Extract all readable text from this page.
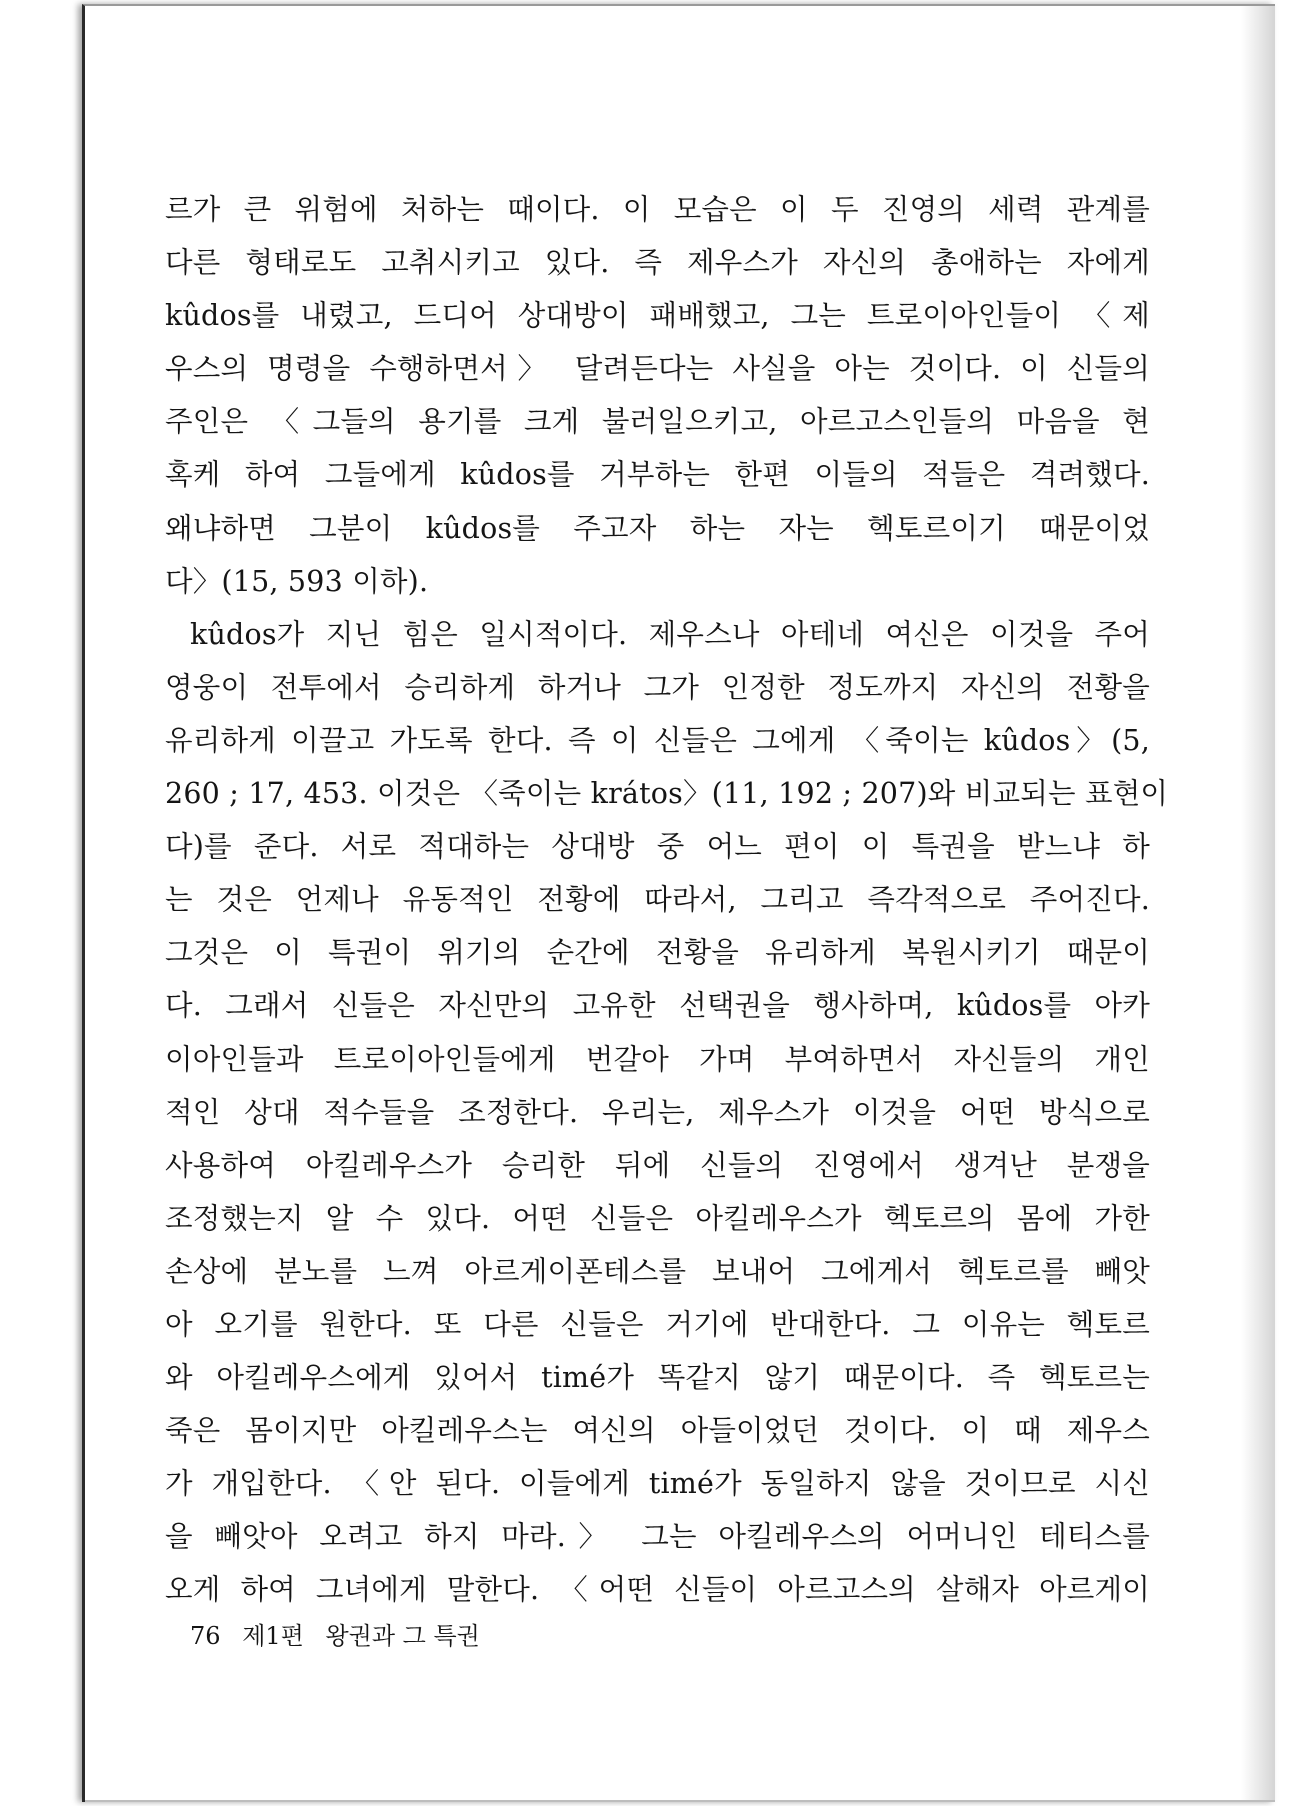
르가 큰 위험에 처하는 때이다. 이 모습은 이 두 진영의 세력 관계를
다른 형태로도 고취시키고 있다. 즉 제우스가 자신의 총애하는 자에게
kûdos를 내렸고, 드디어 상대방이 패배했고, 그는 트로이아인들이 〈제
우스의 명령을 수행하면서〉 달려든다는 사실을 아는 것이다. 이 신들의
주인은 〈그들의 용기를 크게 불러일으키고, 아르고스인들의 마음을 현
혹케 하여 그들에게 kûdos를 거부하는 한편 이들의 적들은 격려했다.
왜냐하면 그분이 kûdos를 주고자 하는 자는 헥토르이기 때문이었
다〉(15, 593 이하).
kûdos가 지닌 힘은 일시적이다. 제우스나 아테네 여신은 이것을 주어
영웅이 전투에서 승리하게 하거나 그가 인정한 정도까지 자신의 전황을
유리하게 이끌고 가도록 한다. 즉 이 신들은 그에게 〈죽이는 kûdos〉(5,
260 ; 17, 453. 이것은 〈죽이는 krátos〉(11, 192 ; 207)와 비교되는 표현이
다)를 준다. 서로 적대하는 상대방 중 어느 편이 이 특권을 받느냐 하
는 것은 언제나 유동적인 전황에 따라서, 그리고 즉각적으로 주어진다.
그것은 이 특권이 위기의 순간에 전황을 유리하게 복원시키기 때문이
다. 그래서 신들은 자신만의 고유한 선택권을 행사하며, kûdos를 아카
이아인들과 트로이아인들에게 번갈아 가며 부여하면서 자신들의 개인
적인 상대 적수들을 조정한다. 우리는, 제우스가 이것을 어떤 방식으로
사용하여 아킬레우스가 승리한 뒤에 신들의 진영에서 생겨난 분쟁을
조정했는지 알 수 있다. 어떤 신들은 아킬레우스가 헥토르의 몸에 가한
손상에 분노를 느껴 아르게이폰테스를 보내어 그에게서 헥토르를 빼앗
아 오기를 원한다. 또 다른 신들은 거기에 반대한다. 그 이유는 헥토르
와 아킬레우스에게 있어서 timé가 똑같지 않기 때문이다. 즉 헥토르는
죽은 몸이지만 아킬레우스는 여신의 아들이었던 것이다. 이 때 제우스
가 개입한다. 〈안 된다. 이들에게 timé가 동일하지 않을 것이므로 시신
을 빼앗아 오려고 하지 마라.〉 그는 아킬레우스의 어머니인 테티스를
오게 하여 그녀에게 말한다. 〈어떤 신들이 아르고스의 살해자 아르게이
76 제1편 왕권과 그 특권
